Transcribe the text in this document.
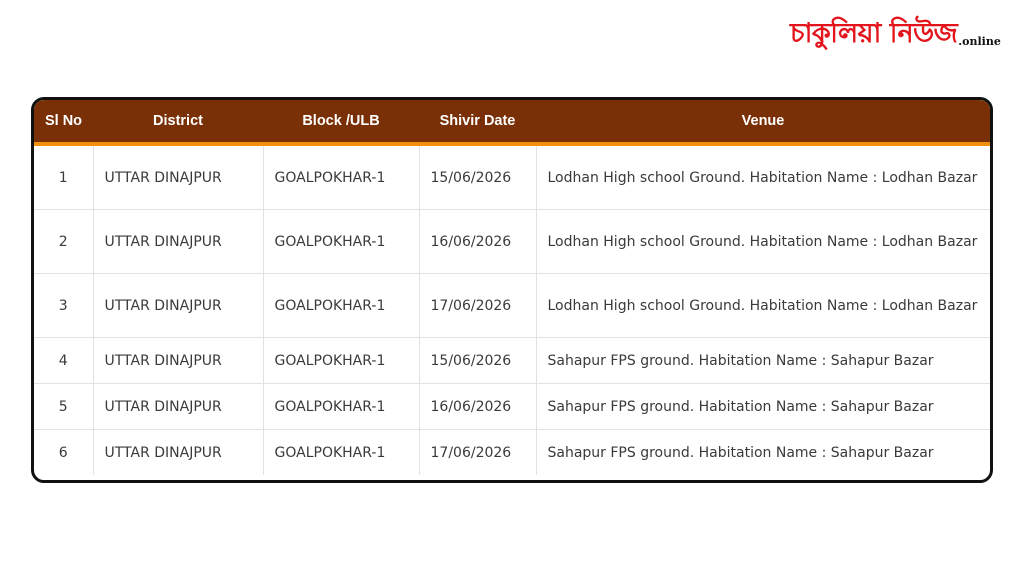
চাকুলিয়া নিউজ .online
Sl No	District	Block /ULB	Shivir Date	Venue
1	UTTAR DINAJPUR	GOALPOKHAR-1	15/06/2026	Lodhan High school Ground. Habitation Name : Lodhan Bazar
2	UTTAR DINAJPUR	GOALPOKHAR-1	16/06/2026	Lodhan High school Ground. Habitation Name : Lodhan Bazar
3	UTTAR DINAJPUR	GOALPOKHAR-1	17/06/2026	Lodhan High school Ground. Habitation Name : Lodhan Bazar
4	UTTAR DINAJPUR	GOALPOKHAR-1	15/06/2026	Sahapur FPS ground. Habitation Name : Sahapur Bazar
5	UTTAR DINAJPUR	GOALPOKHAR-1	16/06/2026	Sahapur FPS ground. Habitation Name : Sahapur Bazar
6	UTTAR DINAJPUR	GOALPOKHAR-1	17/06/2026	Sahapur FPS ground. Habitation Name : Sahapur Bazar
